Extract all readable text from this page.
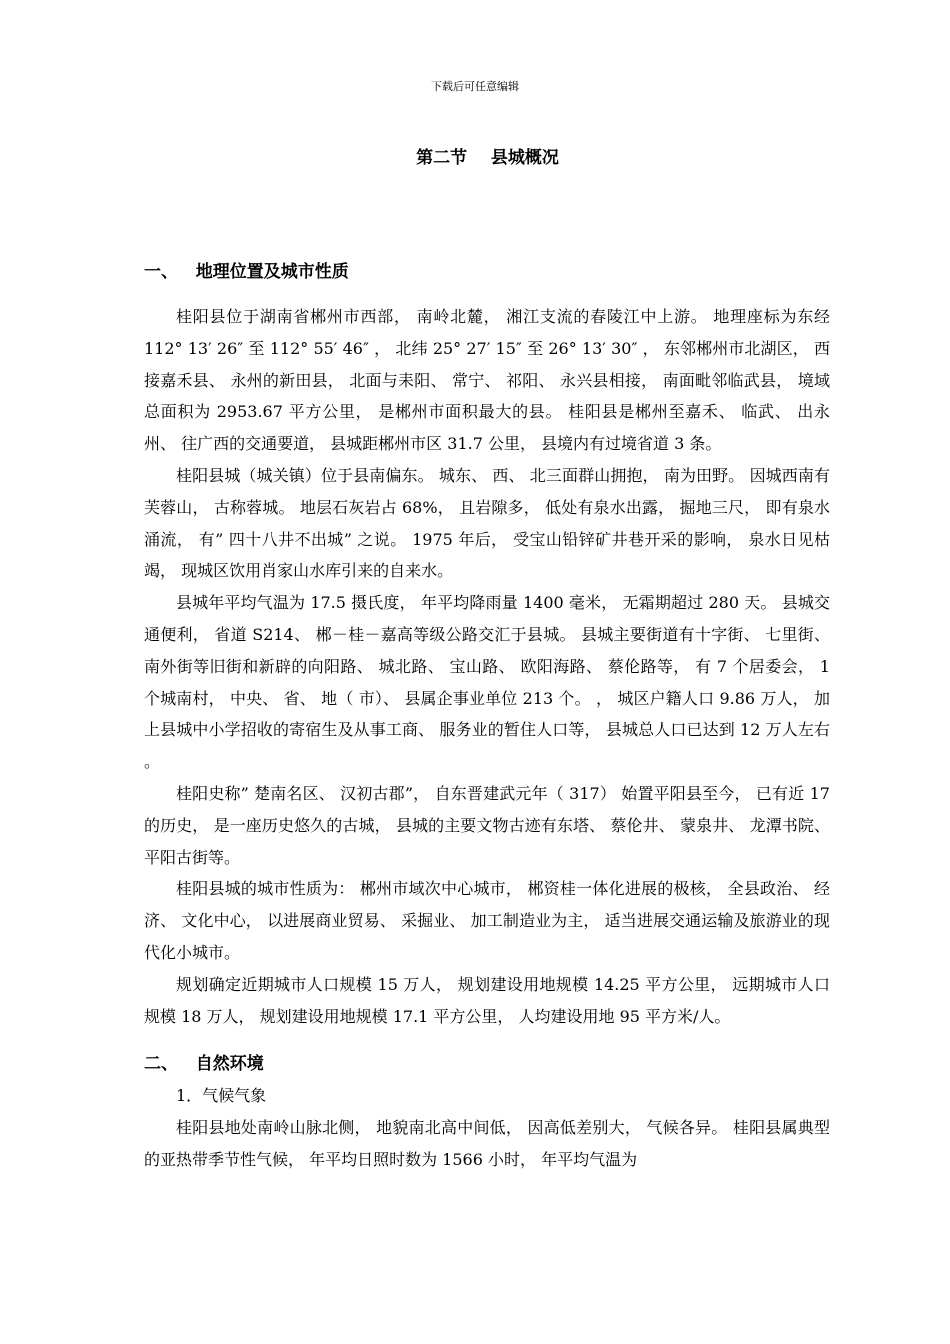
下载后可任意编辑
第二节    县城概况
一、   地理位置及城市性质

桂阳县位于湖南省郴州市西部， 南岭北麓， 湘江支流的春陵江中上游。 地理座标为东经 112° 13′ 26″ 至 112° 55′ 46″ ， 北纬 25° 27′ 15″ 至 26° 13′ 30″ ， 东邻郴州市北湖区， 西接嘉禾县、 永州的新田县， 北面与耒阳、 常宁、 祁阳、 永兴县相接， 南面毗邻临武县， 境域总面积为 2953.67 平方公里， 是郴州市面积最大的县。 桂阳县是郴州至嘉禾、 临武、 出永州、 往广西的交通要道， 县城距郴州市区 31.7 公里， 县境内有过境省道 3 条。

桂阳县城（城关镇）位于县南偏东。 城东、 西、 北三面群山拥抱， 南为田野。 因城西南有芙蓉山， 古称蓉城。 地层石灰岩占 68%， 且岩隙多， 低处有泉水出露， 掘地三尺， 即有泉水涌流， 有” 四十八井不出城” 之说。 1975 年后， 受宝山铅锌矿井巷开采的影响， 泉水日见枯竭， 现城区饮用肖家山水库引来的自来水。

县城年平均气温为 17.5 摄氏度， 年平均降雨量 1400 毫米， 无霜期超过 280 天。 县城交通便利， 省道 S214、 郴－桂－嘉高等级公路交汇于县城。 县城主要街道有十字街、 七里街、 南外街等旧街和新辟的向阳路、 城北路、 宝山路、 欧阳海路、 蔡伦路等， 有 7 个居委会， 1 个城南村， 中央、 省、 地（ 市）、 县属企事业单位 213 个。 ， 城区户籍人口 9.86 万人， 加上县城中小学招收的寄宿生及从事工商、 服务业的暂住人口等， 县城总人口已达到 12 万人左右 。

桂阳史称” 楚南名区、 汉初古郡”， 自东晋建武元年（ 317） 始置平阳县至今， 已有近 17 的历史， 是一座历史悠久的古城， 县城的主要文物古迹有东塔、 蔡伦井、 蒙泉井、 龙潭书院、 平阳古街等。

桂阳县城的城市性质为： 郴州市域次中心城市， 郴资桂一体化进展的极核， 全县政治、 经济、 文化中心， 以进展商业贸易、 采掘业、 加工制造业为主， 适当进展交通运输及旅游业的现代化小城市。

规划确定近期城市人口规模 15 万人， 规划建设用地规模 14.25 平方公里， 远期城市人口规模 18 万人， 规划建设用地规模 17.1 平方公里， 人均建设用地 95 平方米/人。

二、   自然环境

1．气候气象

桂阳县地处南岭山脉北侧， 地貌南北高中间低， 因高低差别大， 气候各异。 桂阳县属典型的亚热带季节性气候， 年平均日照时数为 1566 小时， 年平均气温为
